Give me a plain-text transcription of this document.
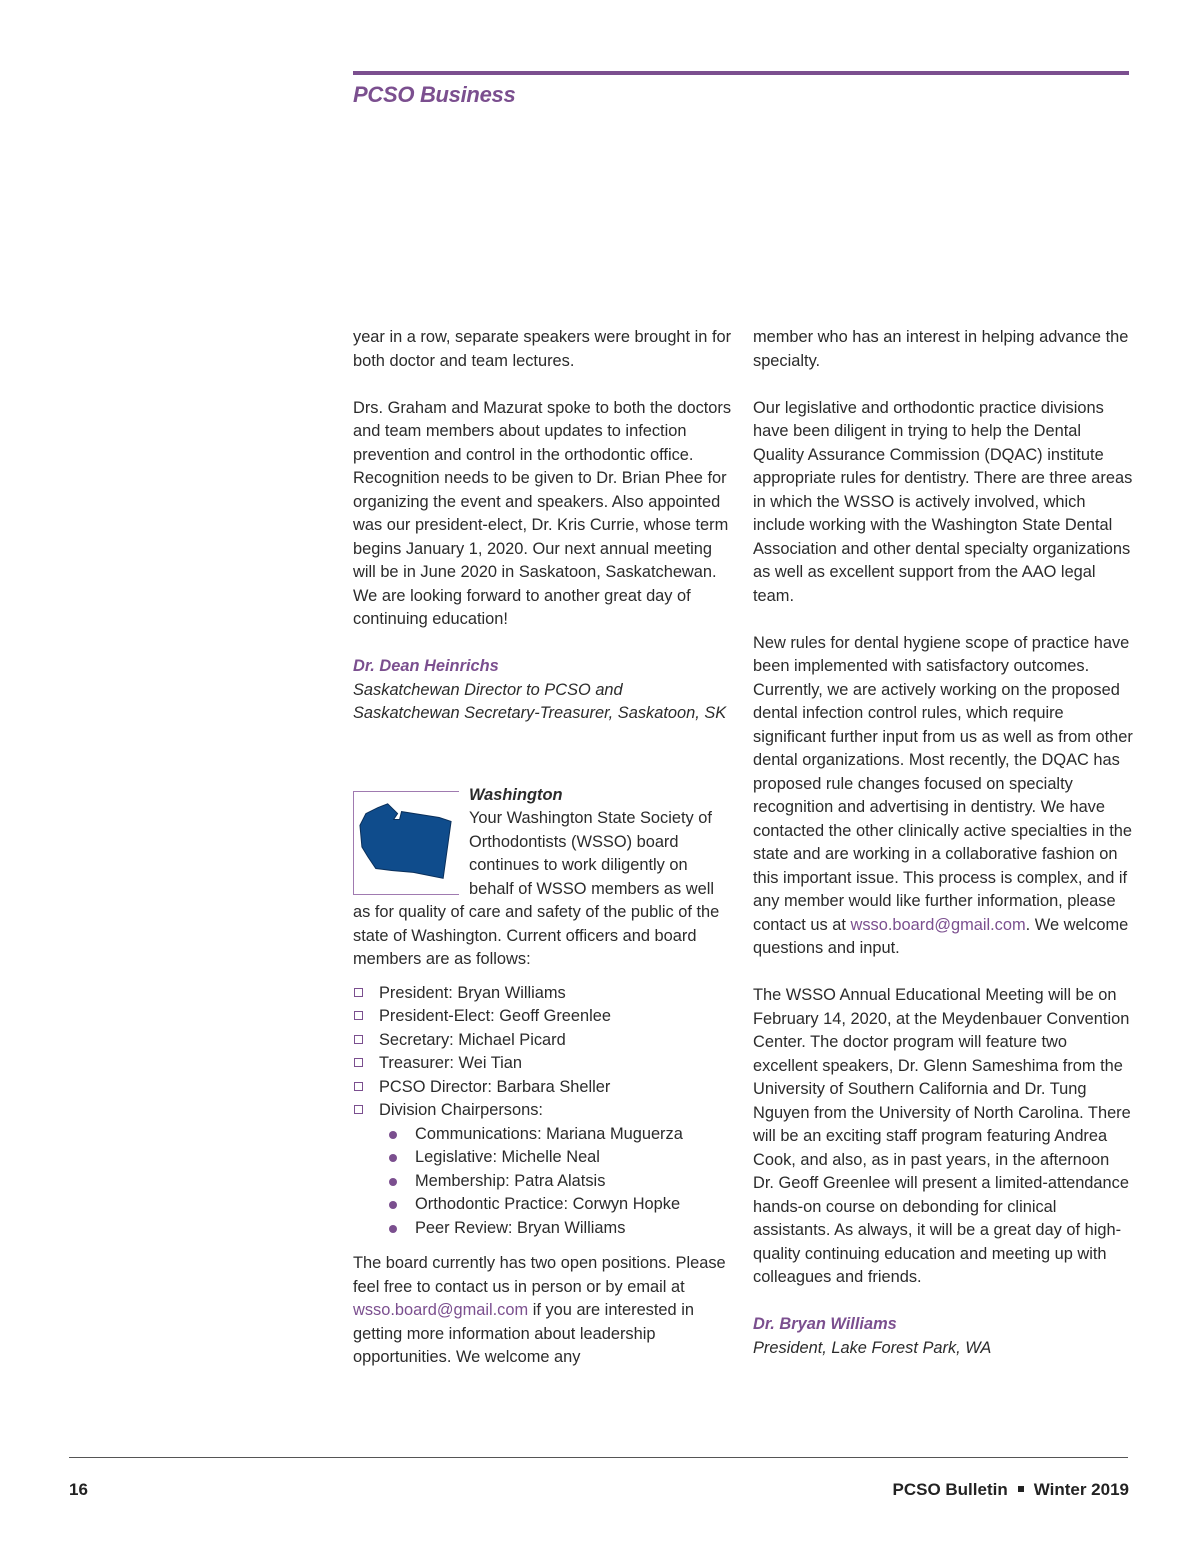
PCSO Business

year in a row, separate speakers were brought in for both doctor and team lectures.

Drs. Graham and Mazurat spoke to both the doctors and team members about updates to infection prevention and control in the orthodontic office. Recognition needs to be given to Dr. Brian Phee for organizing the event and speakers. Also appointed was our president-elect, Dr. Kris Currie, whose term begins January 1, 2020. Our next annual meeting will be in June 2020 in Saskatoon, Saskatchewan. We are looking forward to another great day of continuing education!

Dr. Dean Heinrichs
Saskatchewan Director to PCSO and Saskatchewan Secretary-Treasurer, Saskatoon, SK
Washington
Your Washington State Society of Orthodontists (WSSO) board continues to work diligently on behalf of WSSO members as well as for quality of care and safety of the public of the state of Washington. Current officers and board members are as follows:
President: Bryan Williams
President-Elect: Geoff Greenlee
Secretary: Michael Picard
Treasurer: Wei Tian
PCSO Director: Barbara Sheller
Division Chairpersons:
Communications: Mariana Muguerza
Legislative: Michelle Neal
Membership: Patra Alatsis
Orthodontic Practice: Corwyn Hopke
Peer Review: Bryan Williams

The board currently has two open positions. Please feel free to contact us in person or by email at wsso.board@gmail.com if you are interested in getting more information about leadership opportunities. We welcome any

member who has an interest in helping advance the specialty.

Our legislative and orthodontic practice divisions have been diligent in trying to help the Dental Quality Assurance Commission (DQAC) institute appropriate rules for dentistry. There are three areas in which the WSSO is actively involved, which include working with the Washington State Dental Association and other dental specialty organizations as well as excellent support from the AAO legal team.

New rules for dental hygiene scope of practice have been implemented with satisfactory outcomes. Currently, we are actively working on the proposed dental infection control rules, which require significant further input from us as well as from other dental organizations. Most recently, the DQAC has proposed rule changes focused on specialty recognition and advertising in dentistry. We have contacted the other clinically active specialties in the state and are working in a collaborative fashion on this important issue. This process is complex, and if any member would like further information, please contact us at wsso.board@gmail.com. We welcome questions and input.

The WSSO Annual Educational Meeting will be on February 14, 2020, at the Meydenbauer Convention Center. The doctor program will feature two excellent speakers, Dr. Glenn Sameshima from the University of Southern California and Dr. Tung Nguyen from the University of North Carolina. There will be an exciting staff program featuring Andrea Cook, and also, as in past years, in the afternoon Dr. Geoff Greenlee will present a limited-attendance hands-on course on debonding for clinical assistants. As always, it will be a great day of high-quality continuing education and meeting up with colleagues and friends.

Dr. Bryan Williams
President, Lake Forest Park, WA
16	PCSO Bulletin Winter 2019
